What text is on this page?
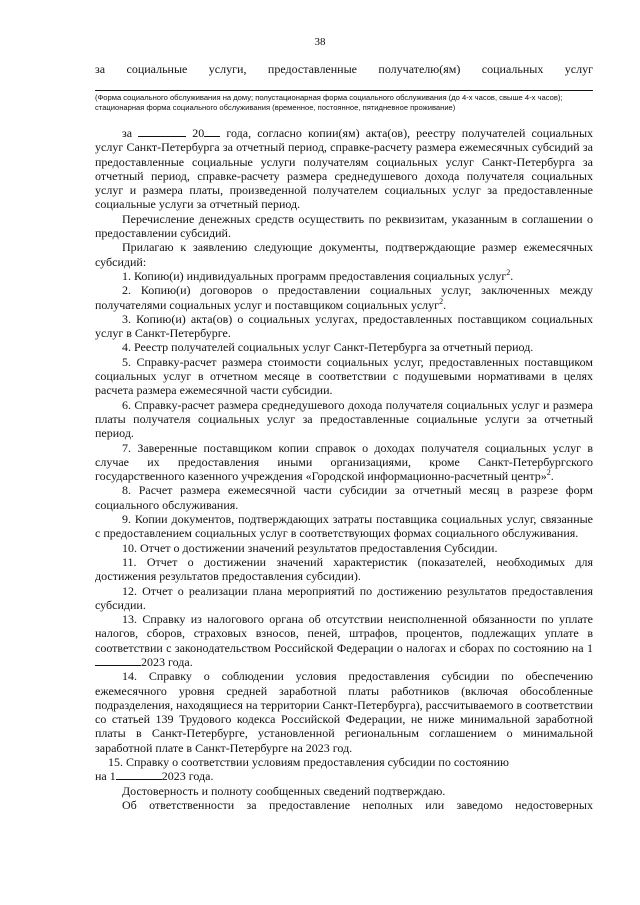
38
за социальные услуги, предоставленные получателю(ям) социальных услуг
(Форма социального обслуживания на дому; полустационарная форма социального обслуживания (до 4-х часов, свыше 4-х часов); стационарная форма социального обслуживания (временное, постоянное, пятидневное проживание)

за	20 года, согласно копии(ям) акта(ов), реестру получателей социальных услуг Санкт-Петербурга за отчетный период, справке-расчету размера ежемесячных субсидий за предоставленные социальные услуги получателям социальных услуг Санкт-Петербурга за отчетный период, справке-расчету размера среднедушевого дохода получателя социальных услуг и размера платы, произведенной получателем социальных услуг за предоставленные социальные услуги за отчетный период.

Перечисление денежных средств осуществить по реквизитам, указанным в соглашении о предоставлении субсидий.

Прилагаю к заявлению следующие документы, подтверждающие размер ежемесячных субсидий:

1. Копию(и) индивидуальных программ предоставления социальных услуг$^2$.

2. Копию(и) договоров о предоставлении социальных услуг, заключенных между получателями социальных услуг и поставщиком социальных услуг$^2$.

3. Копию(и) акта(ов) о социальных услугах, предоставленных поставщиком социальных услуг в Санкт-Петербурге.

4. Реестр получателей социальных услуг Санкт-Петербурга за отчетный период.

5. Справку-расчет размера стоимости социальных услуг, предоставленных поставщиком социальных услуг в отчетном месяце в соответствии с подушевыми нормативами в целях расчета размера ежемесячной части субсидии.

6. Справку-расчет размера среднедушевого дохода получателя социальных услуг и размера платы получателя социальных услуг за предоставленные социальные услуги за отчетный период.

7. Заверенные поставщиком копии справок о доходах получателя социальных услуг в случае их предоставления иными организациями, кроме Санкт-Петербургского государственного казенного учреждения «Городской информационно-расчетный центр»$^2$.

8. Расчет размера ежемесячной части субсидии за отчетный месяц в разрезе форм социального обслуживания.

9. Копии документов, подтверждающих затраты поставщика социальных услуг, связанные с предоставлением социальных услуг в соответствующих формах социального обслуживания.

10. Отчет о достижении значений результатов предоставления Субсидии.

11. Отчет о достижении значений характеристик (показателей, необходимых для достижения результатов предоставления субсидии).

12. Отчет о реализации плана мероприятий по достижению результатов предоставления субсидии.

13. Справку из налогового органа об отсутствии неисполненной обязанности по уплате налогов, сборов, страховых взносов, пеней, штрафов, процентов, подлежащих уплате в соответствии с законодательством Российской Федерации о налогах и сборах по состоянию на 12023 года.

14. Справку о соблюдении условия предоставления субсидии по обеспечению ежемесячного уровня средней заработной платы работников (включая обособленные подразделения, находящиеся на территории Санкт-Петербурга), рассчитываемого в соответствии со статьей 139 Трудового кодекса Российской Федерации, не ниже минимальной заработной платы в Санкт-Петербурге, установленной региональным соглашением о минимальной заработной плате в Санкт-Петербурге на 2023 год.

15. Справку о соответствии условиям предоставления субсидии по состоянию

на 1	2023 года.

Достоверность и полноту сообщенных сведений подтверждаю.

Об ответственности за предоставление неполных или заведомо недостоверных
